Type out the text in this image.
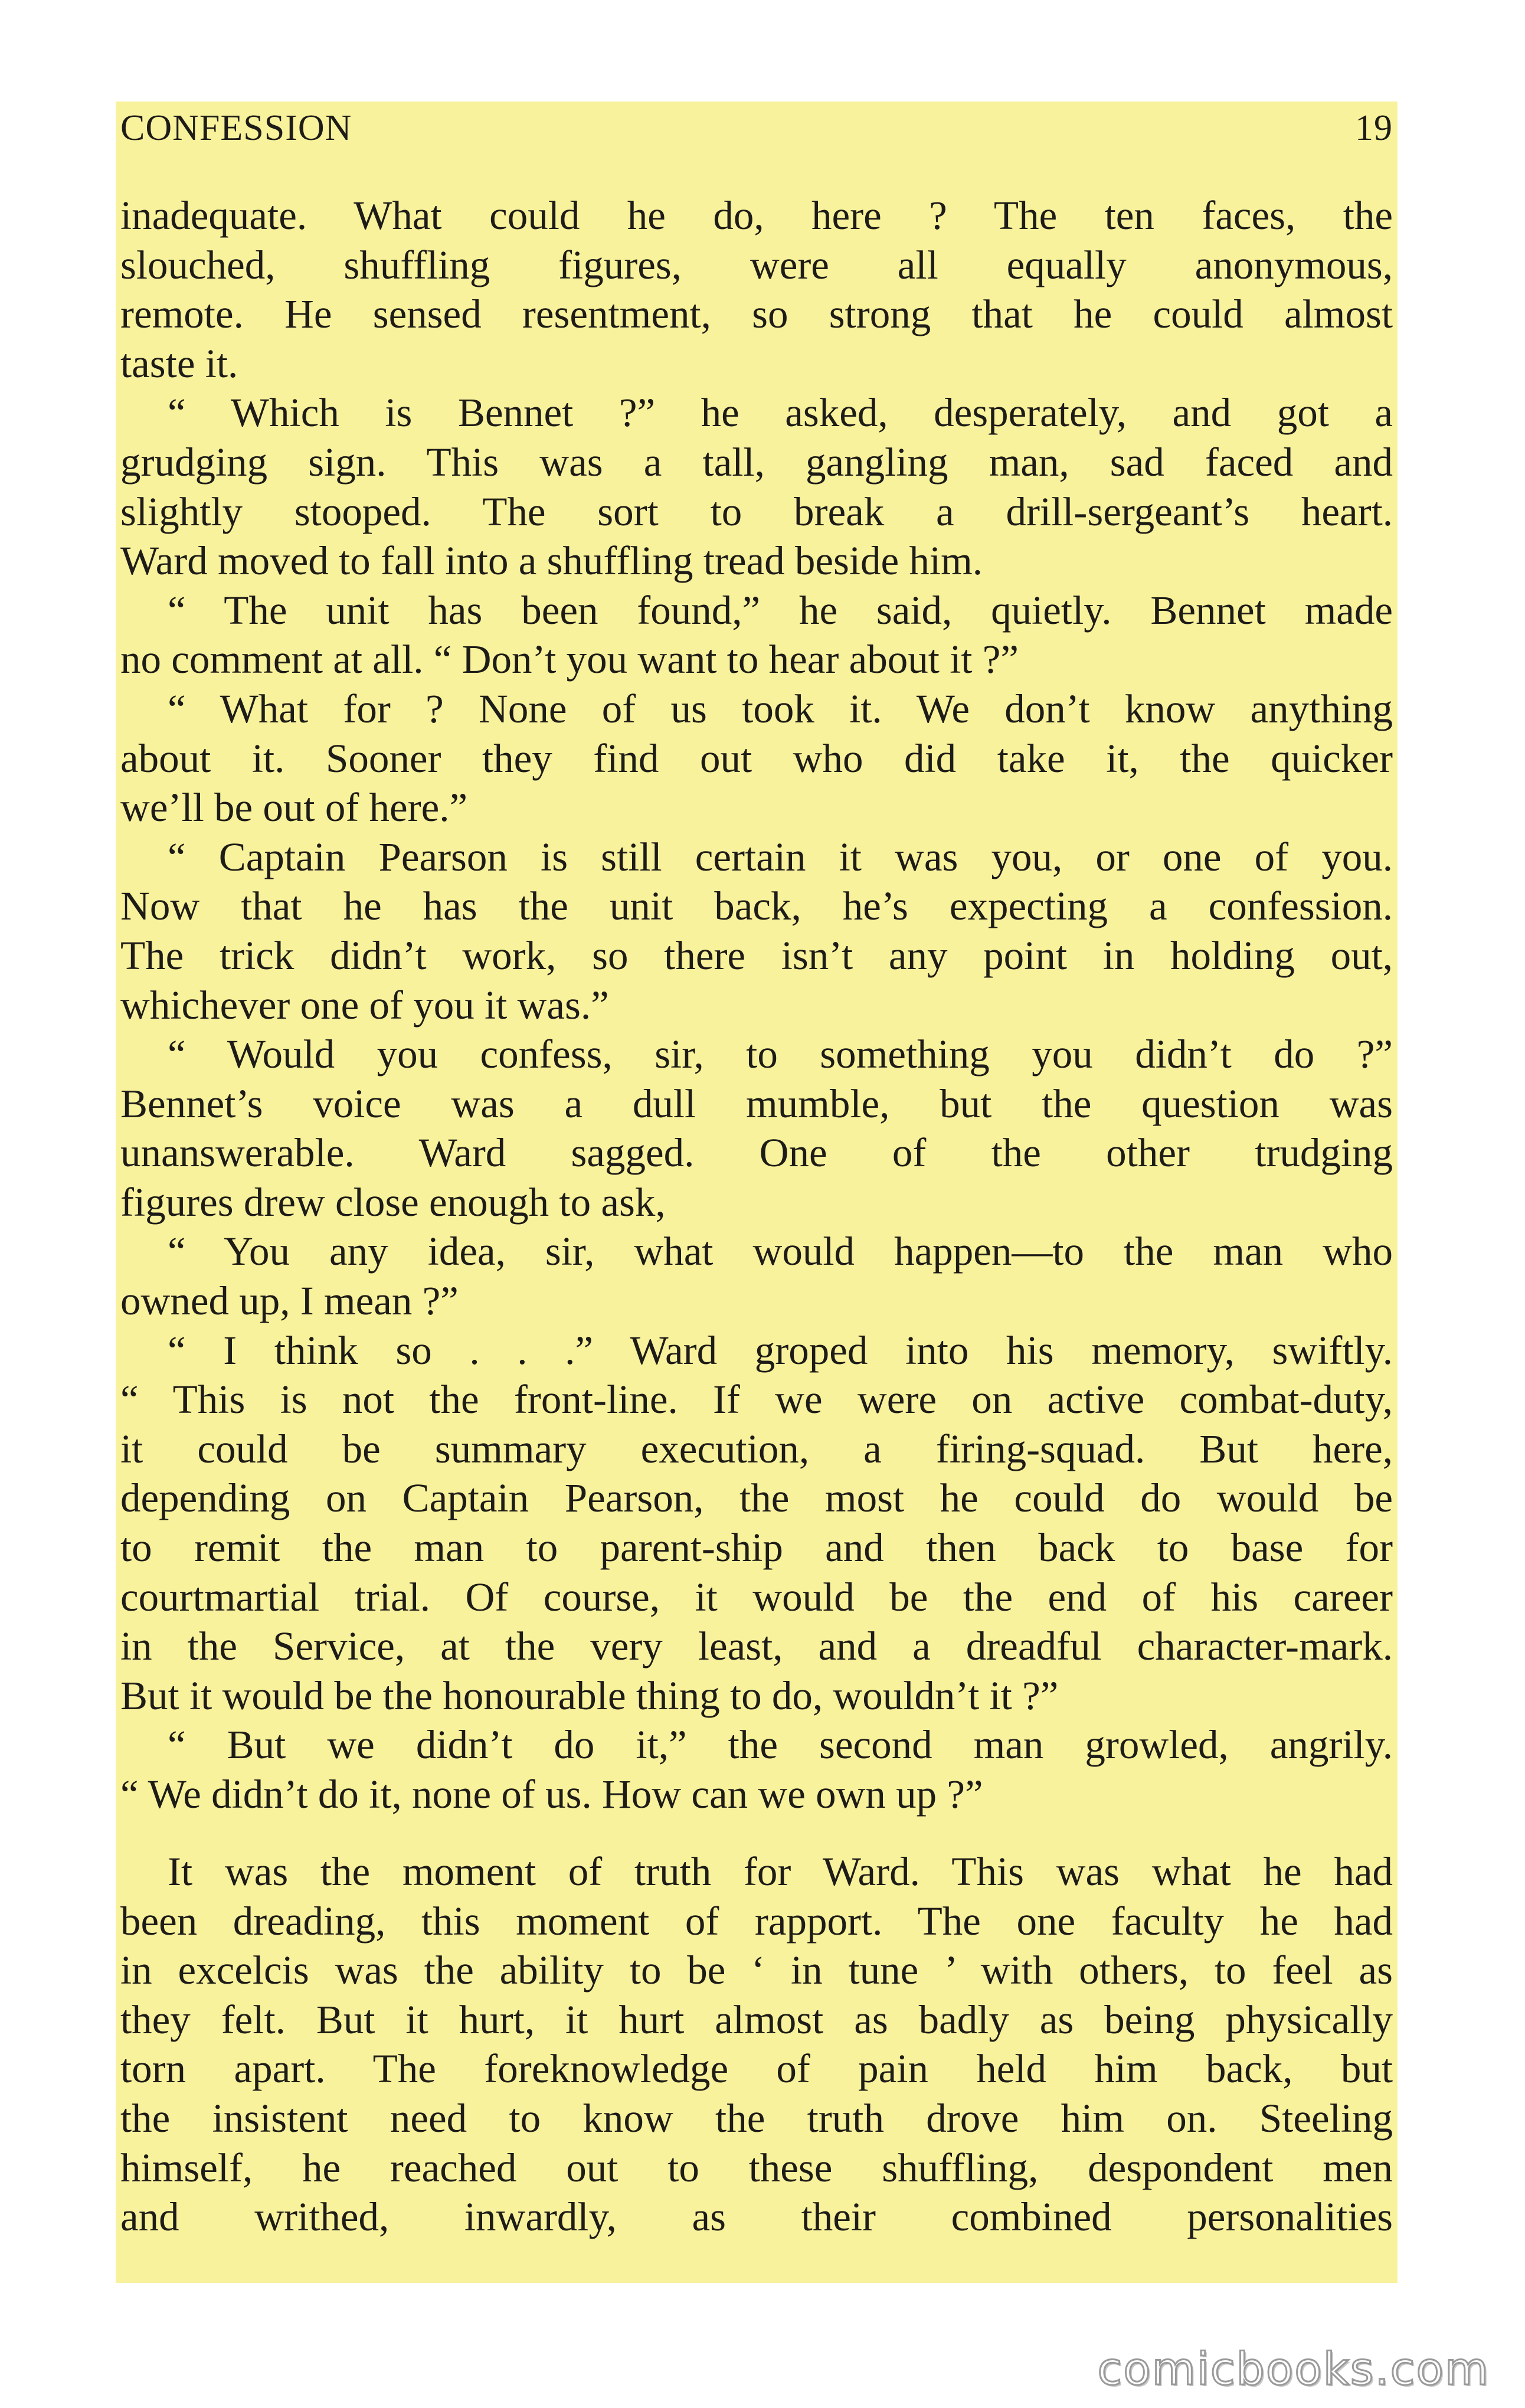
CONFESSION	19
inadequate. What could he do, here ? The ten faces, the
slouched, shuffling figures, were all equally anonymous,
remote. He sensed resentment, so strong that he could almost
taste it.
“ Which is Bennet ?” he asked, desperately, and got a
grudging sign. This was a tall, gangling man, sad faced and
slightly stooped. The sort to break a drill-sergeant’s heart.
Ward moved to fall into a shuffling tread beside him.
“ The unit has been found,” he said, quietly. Bennet made
no comment at all. “ Don’t you want to hear about it ?”
“ What for ? None of us took it. We don’t know anything
about it. Sooner they find out who did take it, the quicker
we’ll be out of here.”
“ Captain Pearson is still certain it was you, or one of you.
Now that he has the unit back, he’s expecting a confession.
The trick didn’t work, so there isn’t any point in holding out,
whichever one of you it was.”
“ Would you confess, sir, to something you didn’t do ?”
Bennet’s voice was a dull mumble, but the question was
unanswerable. Ward sagged. One of the other trudging
figures drew close enough to ask,
“ You any idea, sir, what would happen—to the man who
owned up, I mean ?”
“ I think so . . .” Ward groped into his memory, swiftly.
“ This is not the front-line. If we were on active combat-duty,
it could be summary execution, a firing-squad. But here,
depending on Captain Pearson, the most he could do would be
to remit the man to parent-ship and then back to base for
courtmartial trial. Of course, it would be the end of his career
in the Service, at the very least, and a dreadful character-mark.
But it would be the honourable thing to do, wouldn’t it ?”
“ But we didn’t do it,” the second man growled, angrily.
“ We didn’t do it, none of us. How can we own up ?”
It was the moment of truth for Ward. This was what he had
been dreading, this moment of rapport. The one faculty he had
in excelcis was the ability to be ‘ in tune ’ with others, to feel as
they felt. But it hurt, it hurt almost as badly as being physically
torn apart. The foreknowledge of pain held him back, but
the insistent need to know the truth drove him on. Steeling
himself, he reached out to these shuffling, despondent men
and writhed, inwardly, as their combined personalities
comicbooks.com
